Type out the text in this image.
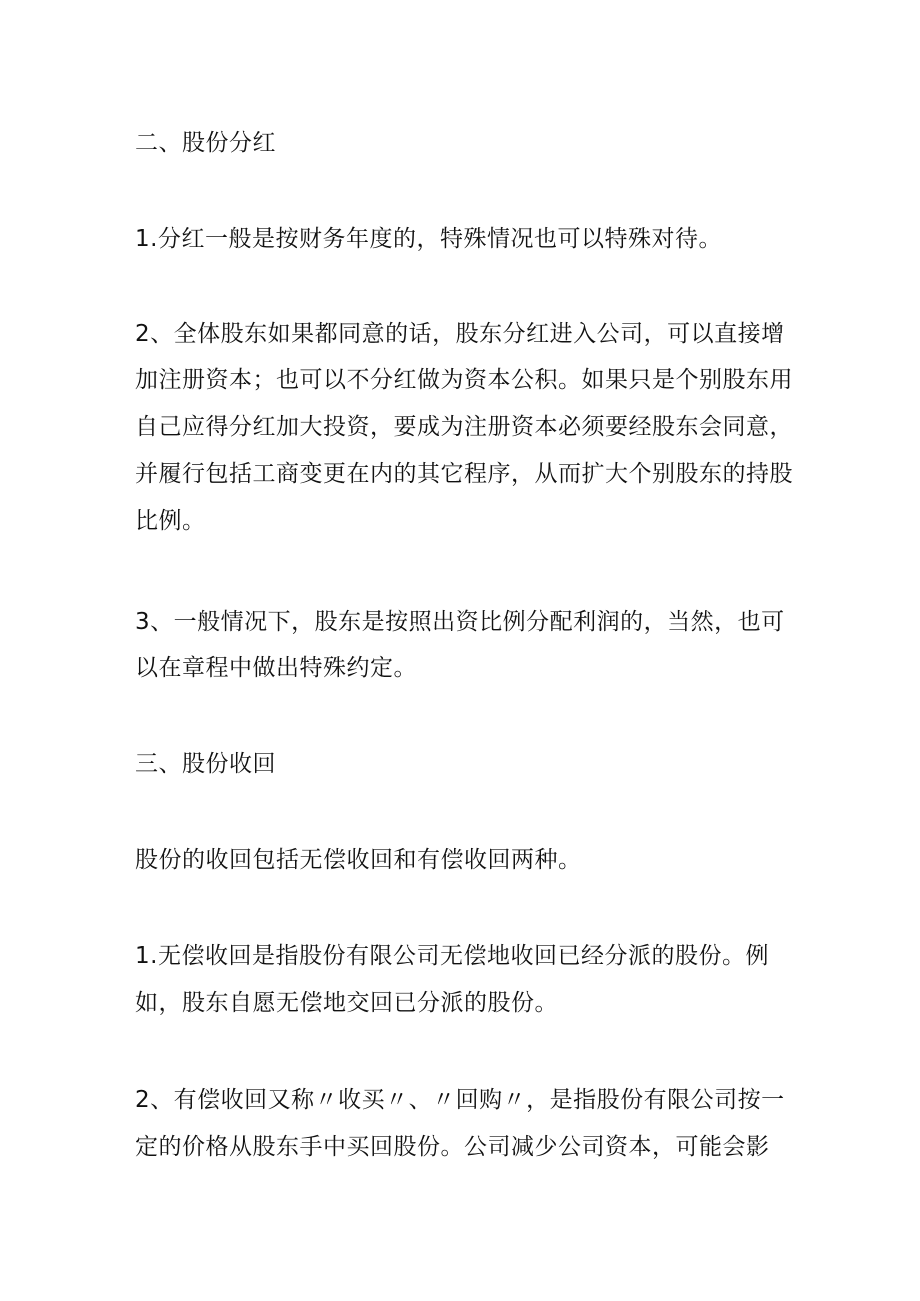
二、股份分红
1.分红一般是按财务年度的，特殊情况也可以特殊对待。
2、全体股东如果都同意的话，股东分红进入公司，可以直接增
加注册资本；也可以不分红做为资本公积。如果只是个别股东用
自己应得分红加大投资，要成为注册资本必须要经股东会同意，
并履行包括工商变更在内的其它程序，从而扩大个别股东的持股
比例。
3、一般情况下，股东是按照出资比例分配利润的，当然，也可
以在章程中做出特殊约定。
三、股份收回
股份的收回包括无偿收回和有偿收回两种。
1.无偿收回是指股份有限公司无偿地收回已经分派的股份。例
如，股东自愿无偿地交回已分派的股份。
2、有偿收回又称〃收买〃、〃回购〃，是指股份有限公司按一
定的价格从股东手中买回股份。公司减少公司资本，可能会影
